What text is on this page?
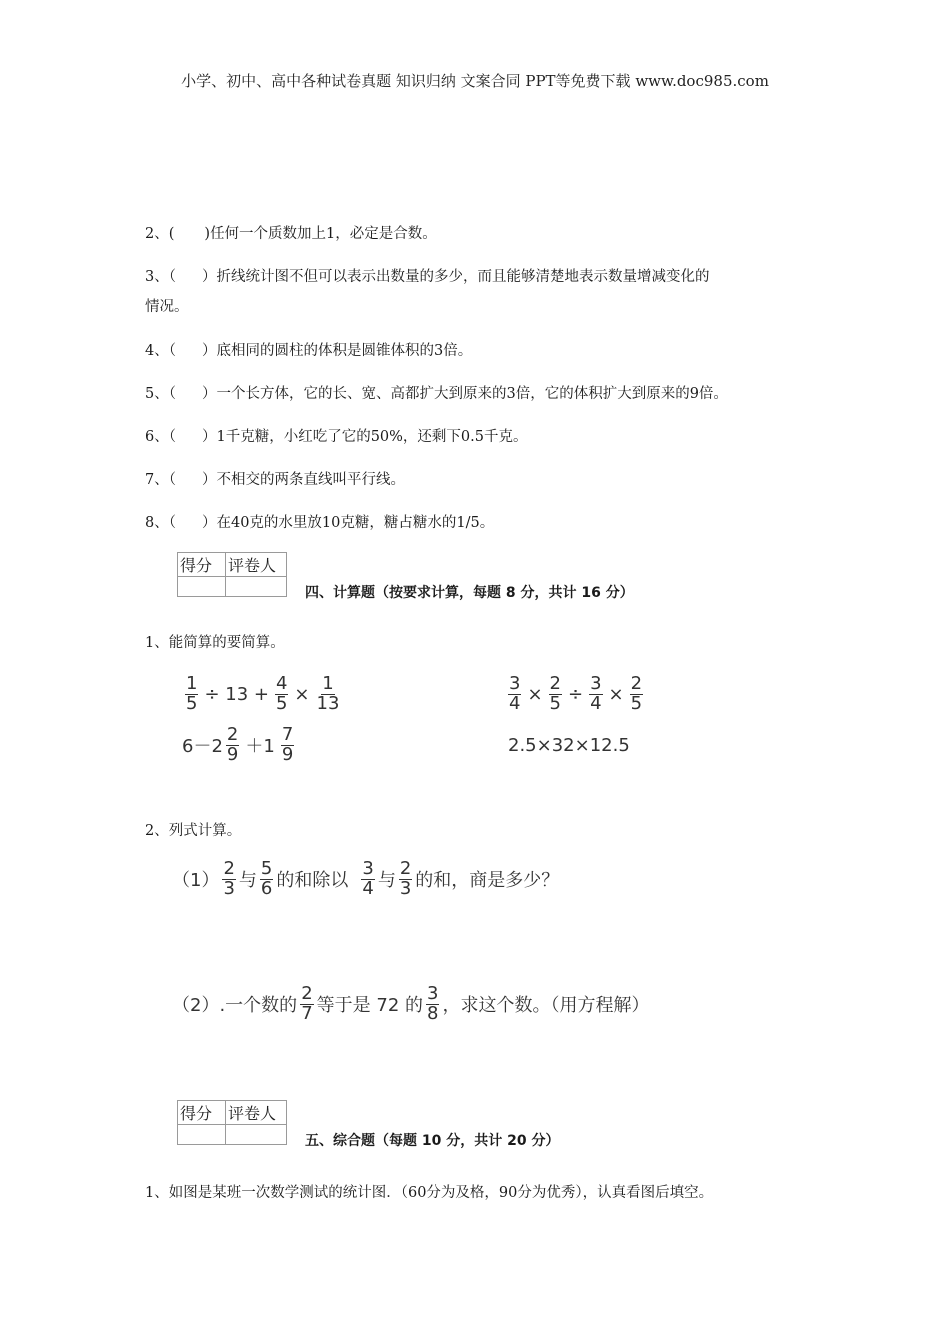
小学、初中、高中各种试卷真题 知识归纳 文案合同 PPT等免费下载 www.doc985.com
2、( )任何一个质数加上1，必定是合数。
3、（ ）折线统计图不但可以表示出数量的多少，而且能够清楚地表示数量增减变化的
情况。
4、（ ）底相同的圆柱的体积是圆锥体积的3倍。
5、（ ）一个长方体，它的长、宽、高都扩大到原来的3倍，它的体积扩大到原来的9倍。
6、（ ）1千克糖，小红吃了它的50%，还剩下0.5千克。
7、（ ）不相交的两条直线叫平行线。
8、（ ）在40克的水里放10克糖，糖占糖水的1/5。
得分	评卷人

四、计算题（按要求计算，每题 8 分，共计 16 分）
1、能简算的要简算。
$\frac{1}{5} \div 13 + \frac{4}{5} \times \frac{1}{13}$	$\frac{3}{4} \times \frac{2}{5} \div \frac{3}{4} \times \frac{2}{5}$
$6-2 \frac{2}{9} +1 \frac{7}{9}$	2.5×32×12.5
2、列式计算。
$(1) \frac{2}{3}$ 与 $\frac{5}{6}$ 的和除以 $\frac{3}{4}$ 与 $\frac{2}{3}$ 的和，商是多少？
（2）.一个数的 $\frac{2}{7}$ 等于是 72 的 $\frac{3}{8}$ ，求这个数。（用方程解）
得分	评卷人

五、综合题（每题 10 分，共计 20 分）
1、如图是某班一次数学测试的统计图．（60分为及格，90分为优秀），认真看图后填空。
